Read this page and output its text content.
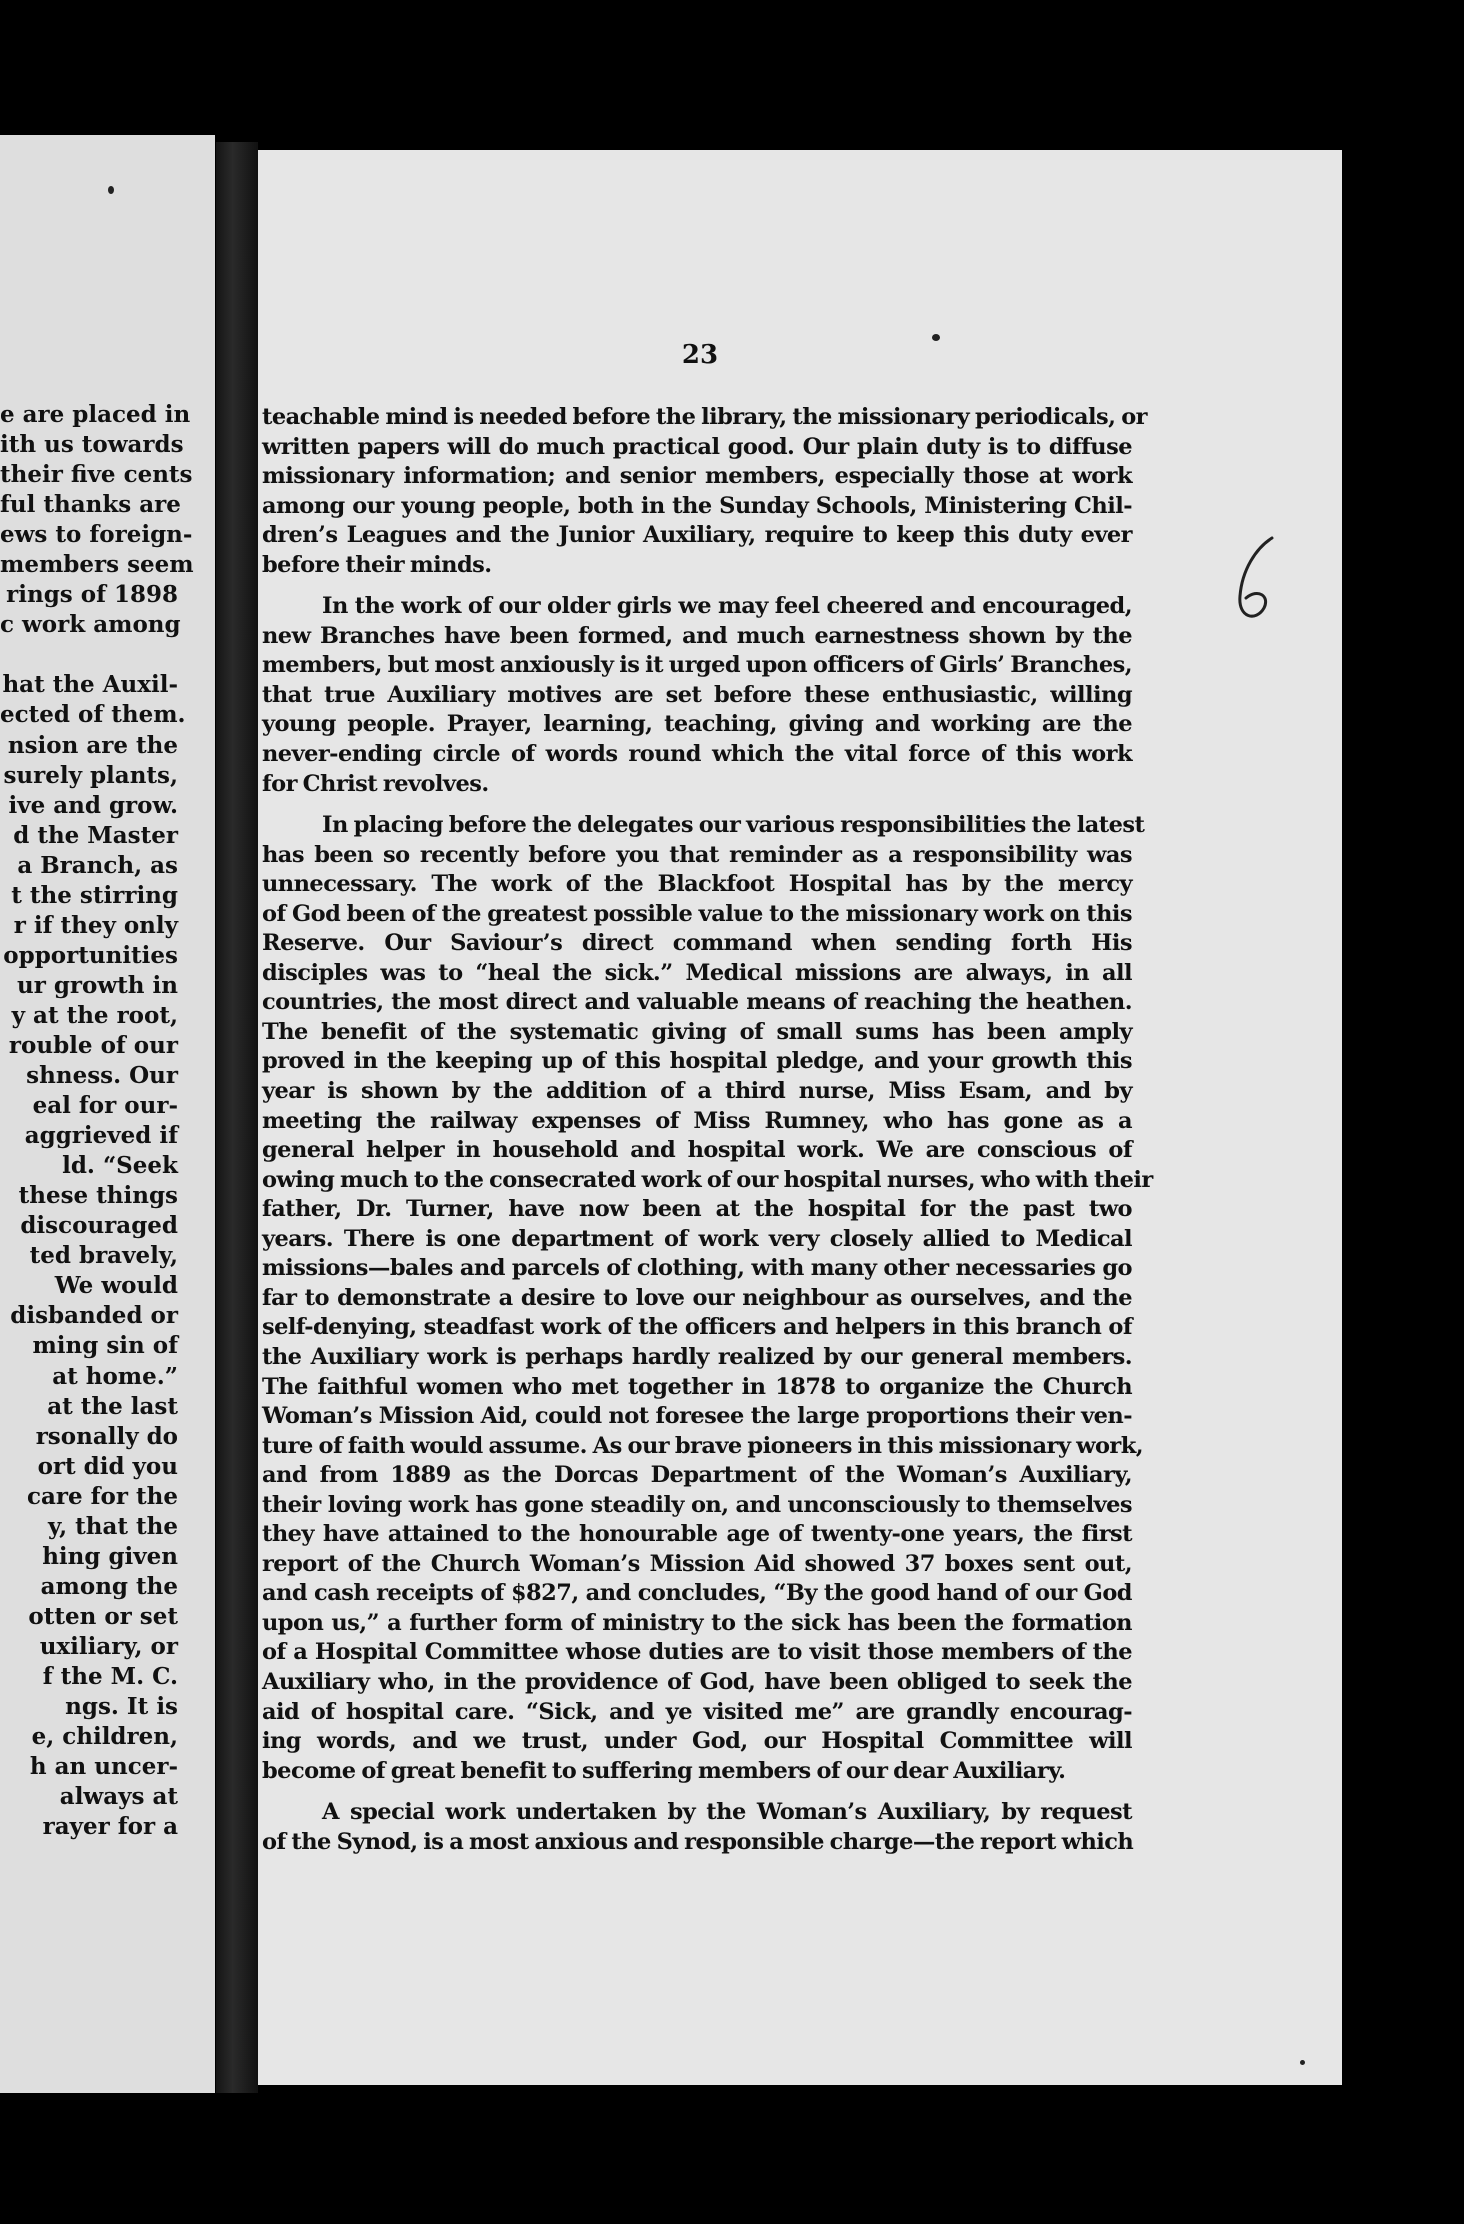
e are placed in
ith us towards
their five cents
ful thanks are
ews to foreign-
members seem
rings of 1898
c work among
hat the Auxil-
ected of them.
nsion are the
surely plants,
ive and grow.
d the Master
a Branch, as
t the stirring
r if they only
opportunities
ur growth in
y at the root,
rouble of our
shness. Our
eal for our-
aggrieved if
ld. “Seek
these things
discouraged
ted bravely,
We would
disbanded or
ming sin of
at home.”
at the last
rsonally do
ort did you
care for the
y, that the
hing given
among the
otten or set
uxiliary, or
f the M. C.
ngs. It is
e, children,
h an uncer-
always at
rayer for a
23
teachable mind is needed before the library, the missionary periodicals, or
written papers will do much practical good. Our plain duty is to diffuse
missionary information; and senior members, especially those at work
among our young people, both in the Sunday Schools, Ministering Chil-
dren’s Leagues and the Junior Auxiliary, require to keep this duty ever
before their minds.
In the work of our older girls we may feel cheered and encouraged,
new Branches have been formed, and much earnestness shown by the
members, but most anxiously is it urged upon officers of Girls’ Branches,
that true Auxiliary motives are set before these enthusiastic, willing
young people. Prayer, learning, teaching, giving and working are the
never-ending circle of words round which the vital force of this work
for Christ revolves.
In placing before the delegates our various responsibilities the latest
has been so recently before you that reminder as a responsibility was
unnecessary. The work of the Blackfoot Hospital has by the mercy
of God been of the greatest possible value to the missionary work on this
Reserve. Our Saviour’s direct command when sending forth His
disciples was to “heal the sick.” Medical missions are always, in all
countries, the most direct and valuable means of reaching the heathen.
The benefit of the systematic giving of small sums has been amply
proved in the keeping up of this hospital pledge, and your growth this
year is shown by the addition of a third nurse, Miss Esam, and by
meeting the railway expenses of Miss Rumney, who has gone as a
general helper in household and hospital work. We are conscious of
owing much to the consecrated work of our hospital nurses, who with their
father, Dr. Turner, have now been at the hospital for the past two
years. There is one department of work very closely allied to Medical
missions—bales and parcels of clothing, with many other necessaries go
far to demonstrate a desire to love our neighbour as ourselves, and the
self-denying, steadfast work of the officers and helpers in this branch of
the Auxiliary work is perhaps hardly realized by our general members.
The faithful women who met together in 1878 to organize the Church
Woman’s Mission Aid, could not foresee the large proportions their ven-
ture of faith would assume. As our brave pioneers in this missionary work,
and from 1889 as the Dorcas Department of the Woman’s Auxiliary,
their loving work has gone steadily on, and unconsciously to themselves
they have attained to the honourable age of twenty-one years, the first
report of the Church Woman’s Mission Aid showed 37 boxes sent out,
and cash receipts of $827, and concludes, “By the good hand of our God
upon us,” a further form of ministry to the sick has been the formation
of a Hospital Committee whose duties are to visit those members of the
Auxiliary who, in the providence of God, have been obliged to seek the
aid of hospital care. “Sick, and ye visited me” are grandly encourag-
ing words, and we trust, under God, our Hospital Committee will
become of great benefit to suffering members of our dear Auxiliary.
A special work undertaken by the Woman’s Auxiliary, by request
of the Synod, is a most anxious and responsible charge—the report which
